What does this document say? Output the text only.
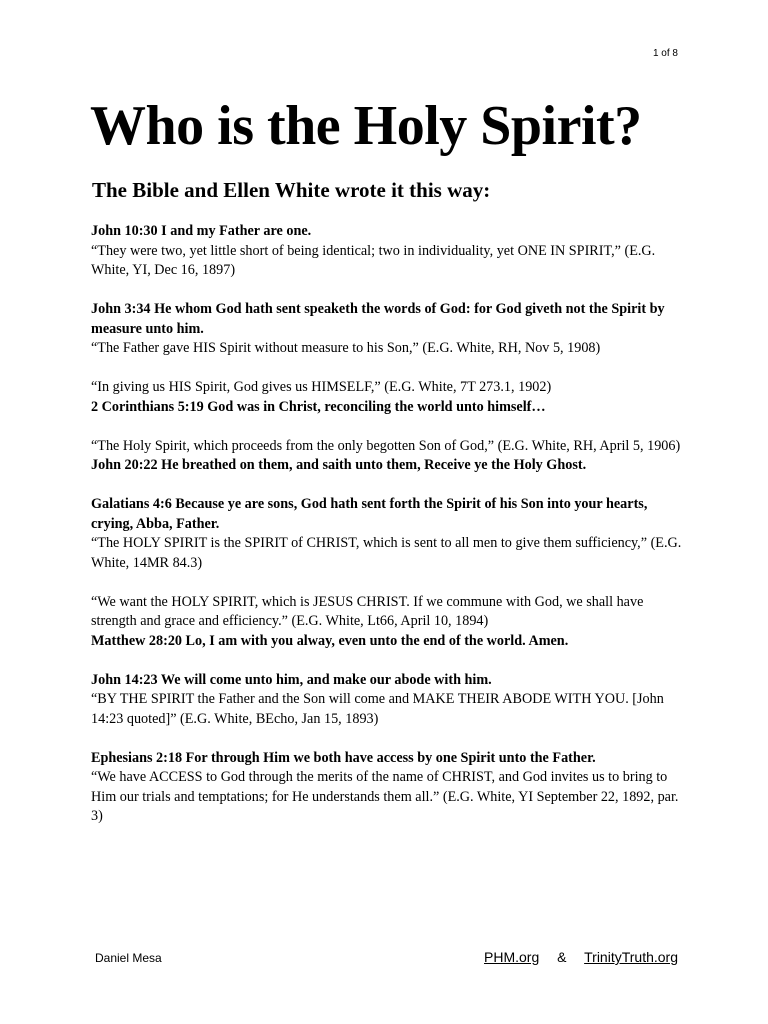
1 of 8
Who is the Holy Spirit?
The Bible and Ellen White wrote it this way:
John 10:30 I and my Father are one.
“They were two, yet little short of being identical; two in individuality, yet ONE IN SPIRIT,” (E.G. White, YI, Dec 16, 1897)
John 3:34 He whom God hath sent speaketh the words of God: for God giveth not the Spirit by measure unto him.
“The Father gave HIS Spirit without measure to his Son,” (E.G. White, RH, Nov 5, 1908)
“In giving us HIS Spirit, God gives us HIMSELF,” (E.G. White, 7T 273.1, 1902)
2 Corinthians 5:19 God was in Christ, reconciling the world unto himself…
“The Holy Spirit, which proceeds from the only begotten Son of God,” (E.G. White, RH, April 5, 1906)
John 20:22 He breathed on them, and saith unto them, Receive ye the Holy Ghost.
Galatians 4:6 Because ye are sons, God hath sent forth the Spirit of his Son into your hearts, crying, Abba, Father.
“The HOLY SPIRIT is the SPIRIT of CHRIST, which is sent to all men to give them sufficiency,” (E.G. White, 14MR 84.3)
“We want the HOLY SPIRIT, which is JESUS CHRIST. If we commune with God, we shall have strength and grace and efficiency.” (E.G. White, Lt66, April 10, 1894)
Matthew 28:20 Lo, I am with you alway, even unto the end of the world. Amen.
John 14:23 We will come unto him, and make our abode with him.
“BY THE SPIRIT the Father and the Son will come and MAKE THEIR ABODE WITH YOU. [John 14:23 quoted]” (E.G. White, BEcho, Jan 15, 1893)
Ephesians 2:18 For through Him we both have access by one Spirit unto the Father.
“We have ACCESS to God through the merits of the name of CHRIST, and God invites us to bring to Him our trials and temptations; for He understands them all.” (E.G. White, YI September 22, 1892, par. 3)
Daniel Mesa	PHM.org & TrinityTruth.org
